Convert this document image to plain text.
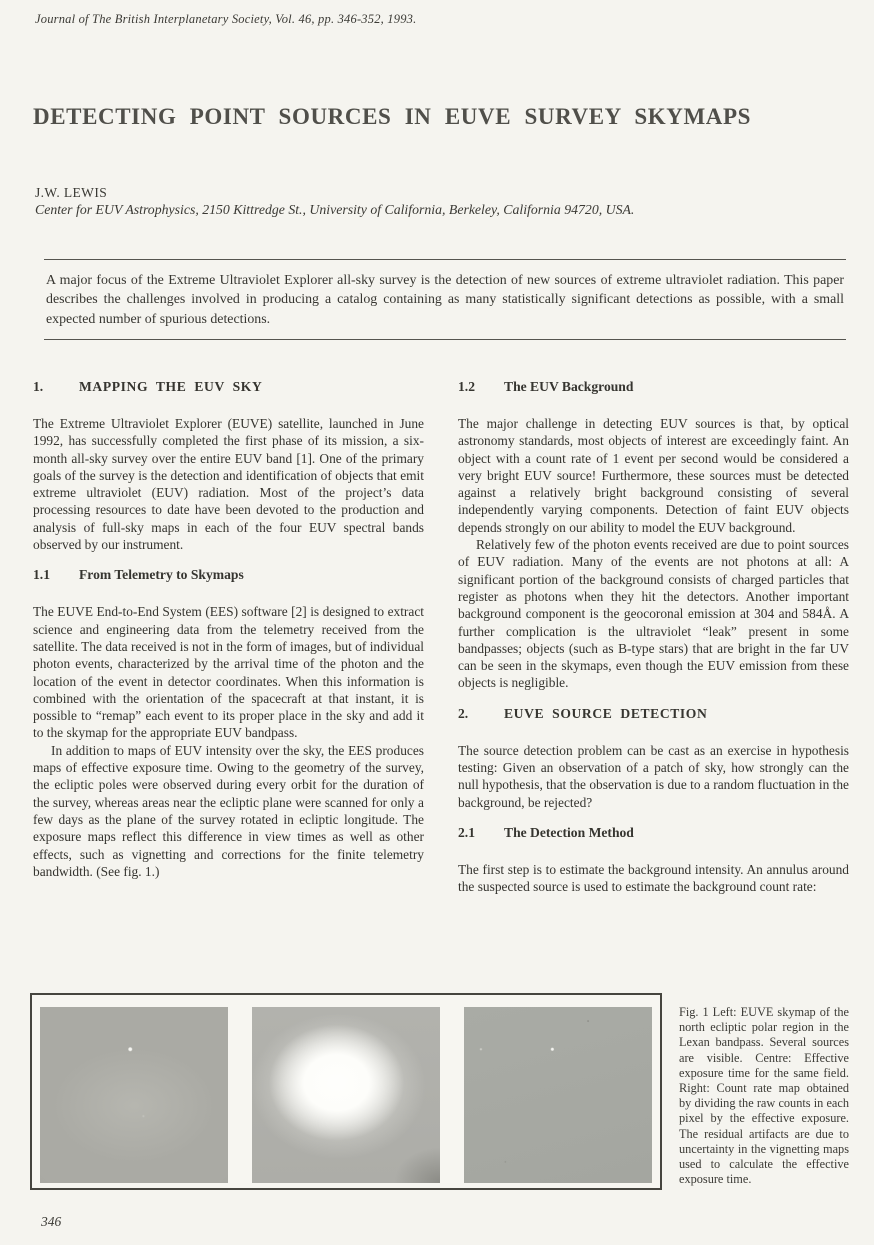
Journal of The British Interplanetary Society, Vol. 46, pp. 346-352, 1993.
DETECTING POINT SOURCES IN EUVE SURVEY SKYMAPS
J.W. LEWIS
Center for EUV Astrophysics, 2150 Kittredge St., University of California, Berkeley, California 94720, USA.

A major focus of the Extreme Ultraviolet Explorer all-sky survey is the detection of new sources of extreme ultraviolet radiation. This paper describes the challenges involved in producing a catalog containing as many statistically significant detections as possible, with a small expected number of spurious detections.

1.	MAPPING THE EUV SKY

The Extreme Ultraviolet Explorer (EUVE) satellite, launched in June 1992, has successfully completed the first phase of its mission, a six-month all-sky survey over the entire EUV band [1]. One of the primary goals of the survey is the detection and identification of objects that emit extreme ultraviolet (EUV) radiation. Most of the project’s data processing resources to date have been devoted to the production and analysis of full-sky maps in each of the four EUV spectral bands observed by our instrument.

1.1	From Telemetry to Skymaps

The EUVE End-to-End System (EES) software [2] is designed to extract science and engineering data from the telemetry received from the satellite. The data received is not in the form of images, but of individual photon events, characterized by the arrival time of the photon and the location of the event in detector coordinates. When this information is combined with the orientation of the spacecraft at that instant, it is possible to “remap” each event to its proper place in the sky and add it to the skymap for the appropriate EUV bandpass.

In addition to maps of EUV intensity over the sky, the EES produces maps of effective exposure time. Owing to the geometry of the survey, the ecliptic poles were observed during every orbit for the duration of the survey, whereas areas near the ecliptic plane were scanned for only a few days as the plane of the survey rotated in ecliptic longitude. The exposure maps reflect this difference in view times as well as other effects, such as vignetting and corrections for the finite telemetry bandwidth. (See fig. 1.)

1.2	The EUV Background

The major challenge in detecting EUV sources is that, by optical astronomy standards, most objects of interest are exceedingly faint. An object with a count rate of 1 event per second would be considered a very bright EUV source! Furthermore, these sources must be detected against a relatively bright background consisting of several independently varying components. Detection of faint EUV objects depends strongly on our ability to model the EUV background.

Relatively few of the photon events received are due to point sources of EUV radiation. Many of the events are not photons at all: A significant portion of the background consists of charged particles that register as photons when they hit the detectors. Another important background component is the geocoronal emission at 304 and 584Å. A further complication is the ultraviolet “leak” present in some bandpasses; objects (such as B-type stars) that are bright in the far UV can be seen in the skymaps, even though the EUV emission from these objects is negligible.

2.	EUVE SOURCE DETECTION

The source detection problem can be cast as an exercise in hypothesis testing: Given an observation of a patch of sky, how strongly can the null hypothesis, that the observation is due to a random fluctuation in the background, be rejected?

2.1	The Detection Method

The first step is to estimate the background intensity. An annulus around the suspected source is used to estimate the background count rate:

Fig. 1 Left: EUVE skymap of the north ecliptic polar region in the Lexan bandpass. Several sources are visible. Centre: Effective exposure time for the same field. Right: Count rate map obtained by dividing the raw counts in each pixel by the effective exposure. The residual artifacts are due to uncertainty in the vignetting maps used to calculate the effective exposure time.
346
